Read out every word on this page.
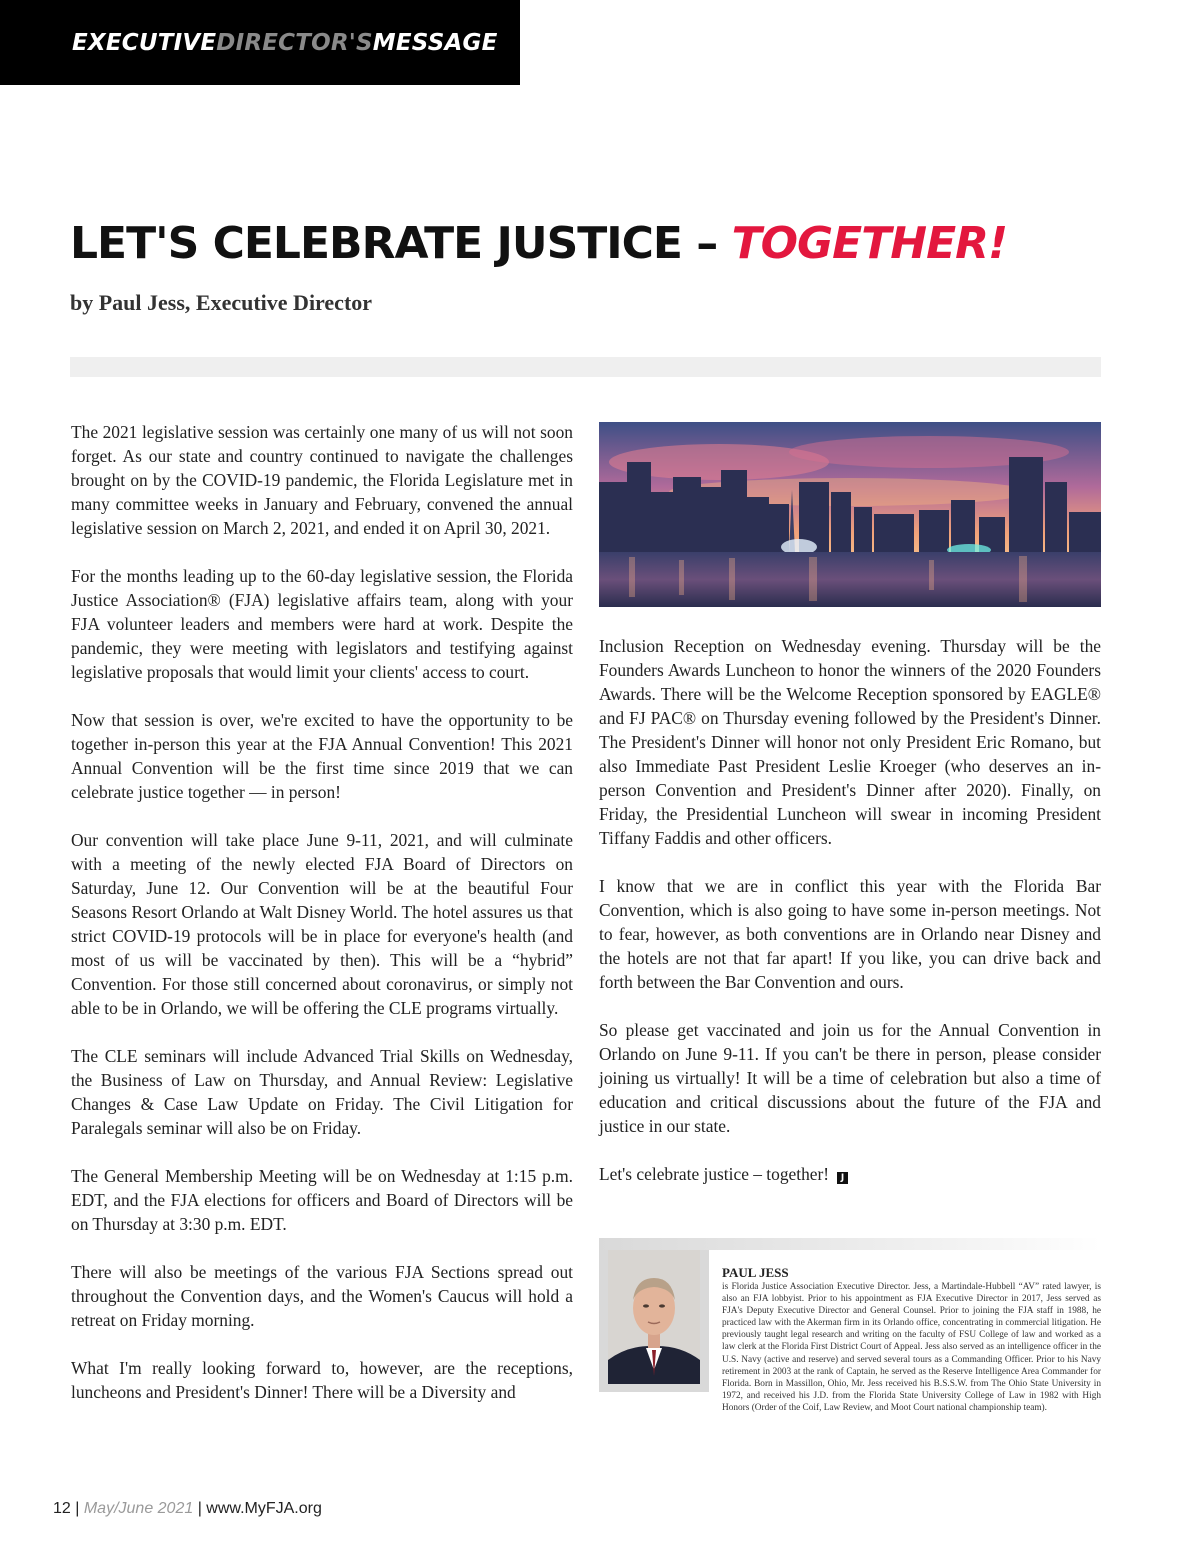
EXECUTIVEDIRECTOR'SMESSAGE
LET'S CELEBRATE JUSTICE – TOGETHER!
by Paul Jess, Executive Director

The 2021 legislative session was certainly one many of us will not soon forget. As our state and country continued to navigate the challenges brought on by the COVID-19 pandemic, the Florida Legislature met in many committee weeks in January and February, convened the annual legislative session on March 2, 2021, and ended it on April 30, 2021.

For the months leading up to the 60-day legislative session, the Florida Justice Association® (FJA) legislative affairs team, along with your FJA volunteer leaders and members were hard at work. Despite the pandemic, they were meeting with legislators and testifying against legislative proposals that would limit your clients' access to court.

Now that session is over, we're excited to have the opportunity to be together in-person this year at the FJA Annual Convention! This 2021 Annual Convention will be the first time since 2019 that we can celebrate justice together — in person!

Our convention will take place June 9-11, 2021, and will culminate with a meeting of the newly elected FJA Board of Directors on Saturday, June 12. Our Convention will be at the beautiful Four Seasons Resort Orlando at Walt Disney World. The hotel assures us that strict COVID-19 protocols will be in place for everyone's health (and most of us will be vaccinated by then). This will be a “hybrid” Convention. For those still concerned about coronavirus, or simply not able to be in Orlando, we will be offering the CLE programs virtually.

The CLE seminars will include Advanced Trial Skills on Wednesday, the Business of Law on Thursday, and Annual Review: Legislative Changes & Case Law Update on Friday. The Civil Litigation for Paralegals seminar will also be on Friday.

The General Membership Meeting will be on Wednesday at 1:15 p.m. EDT, and the FJA elections for officers and Board of Directors will be on Thursday at 3:30 p.m. EDT.

There will also be meetings of the various FJA Sections spread out throughout the Convention days, and the Women's Caucus will hold a retreat on Friday morning.

What I'm really looking forward to, however, are the receptions, luncheons and President's Dinner! There will be a Diversity and

Inclusion Reception on Wednesday evening. Thursday will be the Founders Awards Luncheon to honor the winners of the 2020 Founders Awards. There will be the Welcome Reception sponsored by EAGLE® and FJ PAC® on Thursday evening followed by the President's Dinner. The President's Dinner will honor not only President Eric Romano, but also Immediate Past President Leslie Kroeger (who deserves an in-person Convention and President's Dinner after 2020). Finally, on Friday, the Presidential Luncheon will swear in incoming President Tiffany Faddis and other officers.

I know that we are in conflict this year with the Florida Bar Convention, which is also going to have some in-person meetings. Not to fear, however, as both conventions are in Orlando near Disney and the hotels are not that far apart! If you like, you can drive back and forth between the Bar Convention and ours.

So please get vaccinated and join us for the Annual Convention in Orlando on June 9-11. If you can't be there in person, please consider joining us virtually! It will be a time of celebration but also a time of education and critical discussions about the future of the FJA and justice in our state.

Let's celebrate justice – together! J

PAUL JESS
is Florida Justice Association Executive Director. Jess, a Martindale-Hubbell “AV” rated lawyer, is also an FJA lobbyist. Prior to his appointment as FJA Executive Director in 2017, Jess served as FJA's Deputy Executive Director and General Counsel. Prior to joining the FJA staff in 1988, he practiced law with the Akerman firm in its Orlando office, concentrating in commercial litigation. He previously taught legal research and writing on the faculty of FSU College of law and worked as a law clerk at the Florida First District Court of Appeal. Jess also served as an intelligence officer in the U.S. Navy (active and reserve) and served several tours as a Commanding Officer. Prior to his Navy retirement in 2003 at the rank of Captain, he served as the Reserve Intelligence Area Commander for Florida. Born in Massillon, Ohio, Mr. Jess received his B.S.S.W. from The Ohio State University in 1972, and received his J.D. from the Florida State University College of Law in 1982 with High Honors (Order of the Coif, Law Review, and Moot Court national championship team).
12 | May/June 2021 | www.MyFJA.org
